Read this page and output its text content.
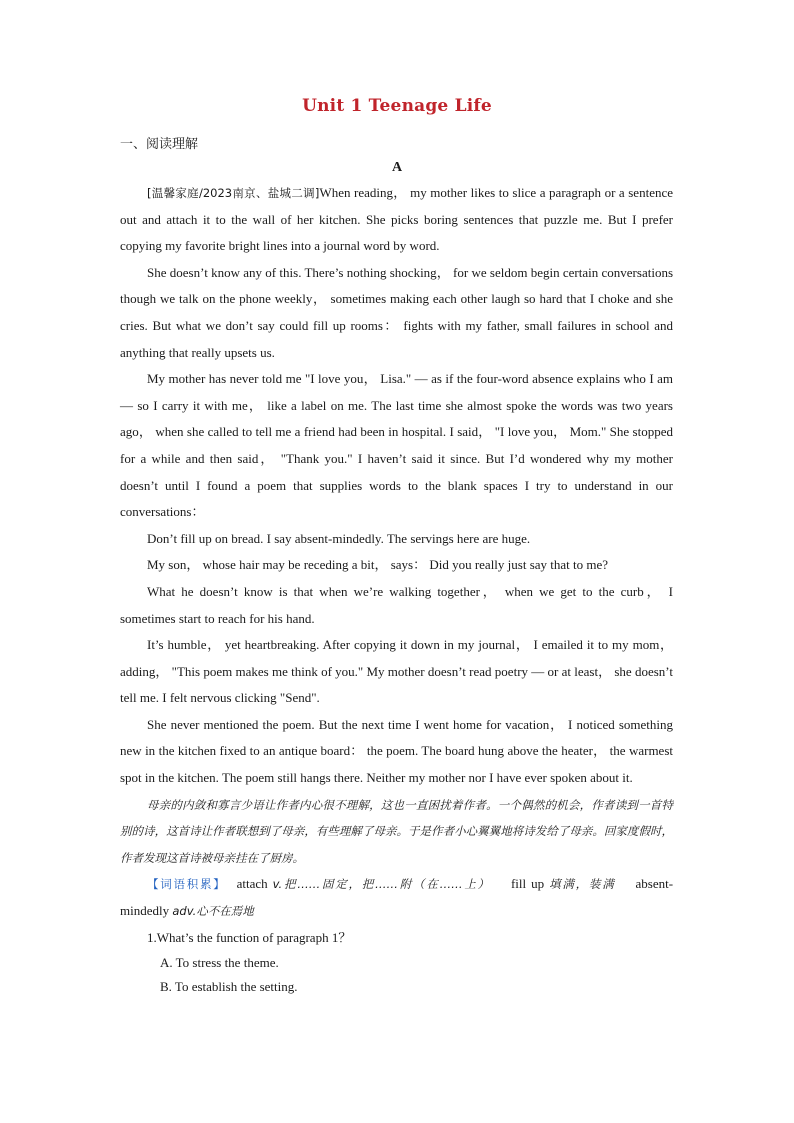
Unit 1 Teenage Life
一、阅读理解
A

[温馨家庭/2023南京、盐城二调]When reading， my mother likes to slice a paragraph or a sentence out and attach it to the wall of her kitchen. She picks boring sentences that puzzle me. But I prefer copying my favorite bright lines into a journal word by word.

She doesn’t know any of this. There’s nothing shocking， for we seldom begin certain conversations though we talk on the phone weekly， sometimes making each other laugh so hard that I choke and she cries. But what we don’t say could fill up rooms： fights with my father, small failures in school and anything that really upsets us.

My mother has never told me "I love you， Lisa." — as if the four-word absence explains who I am — so I carry it with me， like a label on me. The last time she almost spoke the words was two years ago， when she called to tell me a friend had been in hospital. I said， "I love you， Mom." She stopped for a while and then said， "Thank you." I haven’t said it since. But I’d wondered why my mother doesn’t until I found a poem that supplies words to the blank spaces I try to understand in our conversations：

Don’t fill up on bread. I say absent-mindedly. The servings here are huge.

My son， whose hair may be receding a bit， says： Did you really just say that to me?

What he doesn’t know is that when we’re walking together， when we get to the curb， I sometimes start to reach for his hand.

It’s humble， yet heartbreaking. After copying it down in my journal， I emailed it to my mom， adding， "This poem makes me think of you." My mother doesn’t read poetry — or at least， she doesn’t tell me. I felt nervous clicking "Send".

She never mentioned the poem. But the next time I went home for vacation， I noticed something new in the kitchen fixed to an antique board： the poem. The board hung above the heater， the warmest spot in the kitchen. The poem still hangs there. Neither my mother nor I have ever spoken about it.

母亲的内敛和寡言少语让作者内心很不理解，这也一直困扰着作者。一个偶然的机会，作者读到一首特别的诗，这首诗让作者联想到了母亲，有些理解了母亲。于是作者小心翼翼地将诗发给了母亲。回家度假时，作者发现这首诗被母亲挂在了厨房。

【词语积累】 attach v.把……固定，把……附（在……上） fill up 填满，装满 absent-mindedly adv.心不在焉地

1.What’s the function of paragraph 1？

A. To stress the theme.

B. To establish the setting.
